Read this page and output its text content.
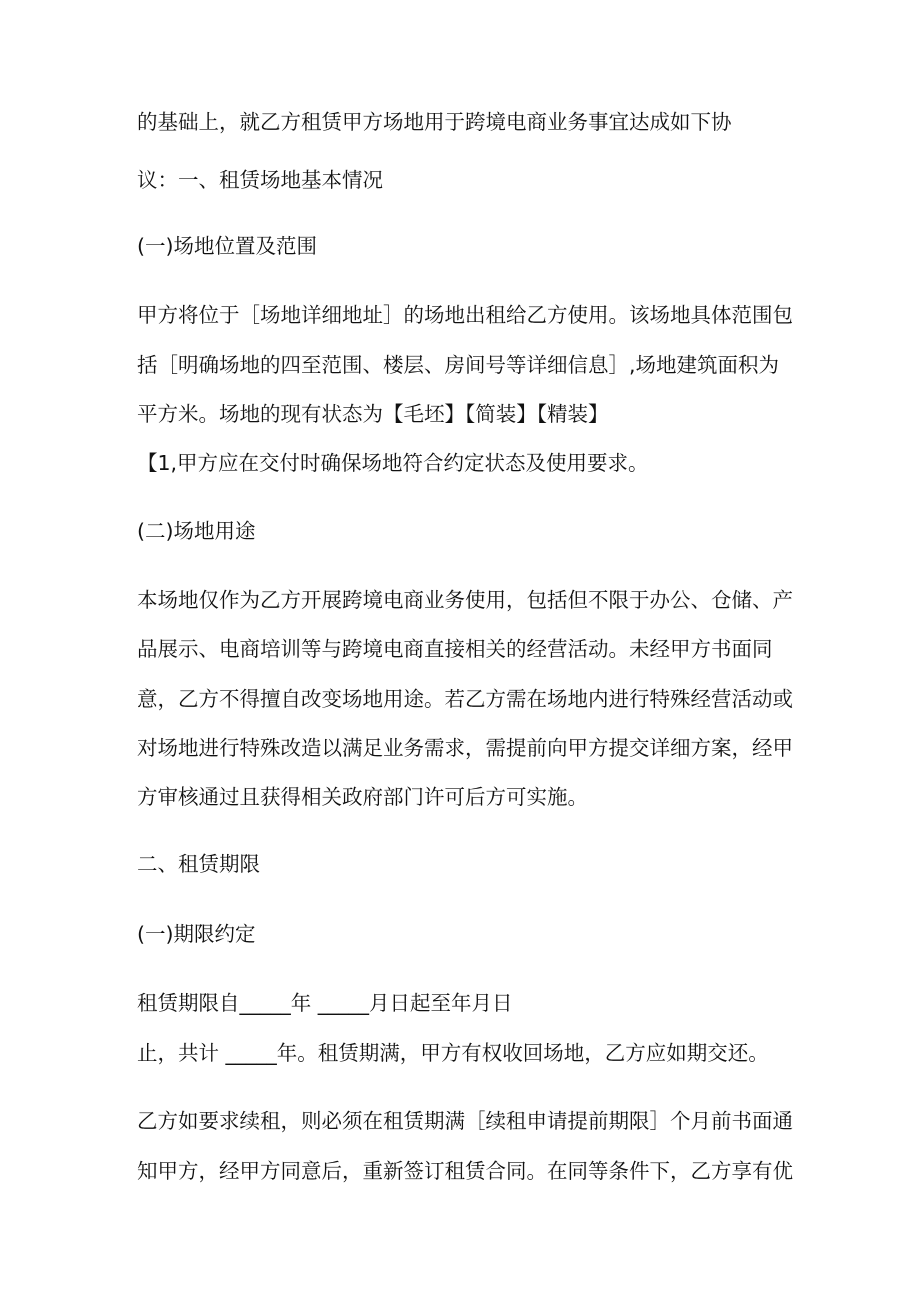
的基础上，就乙方租赁甲方场地用于跨境电商业务事宜达成如下协
议：一、租赁场地基本情况
(一)场地位置及范围
甲方将位于［场地详细地址］的场地出租给乙方使用。该场地具体范围包
括［明确场地的四至范围、楼层、房间号等详细信息］,场地建筑面积为
平方米。场地的现有状态为【毛坯】【简装】【精装】
【1,甲方应在交付时确保场地符合约定状态及使用要求。
(二)场地用途
本场地仅作为乙方开展跨境电商业务使用，包括但不限于办公、仓储、产
品展示、电商培训等与跨境电商直接相关的经营活动。未经甲方书面同
意，乙方不得擅自改变场地用途。若乙方需在场地内进行特殊经营活动或
对场地进行特殊改造以满足业务需求，需提前向甲方提交详细方案，经甲
方审核通过且获得相关政府部门许可后方可实施。
二、租赁期限
(一)期限约定
租赁期限自_____年 _____月日起至年月日
止，共计 _____年。租赁期满，甲方有权收回场地，乙方应如期交还。
乙方如要求续租，则必须在租赁期满［续租申请提前期限］个月前书面通
知甲方，经甲方同意后，重新签订租赁合同。在同等条件下，乙方享有优
